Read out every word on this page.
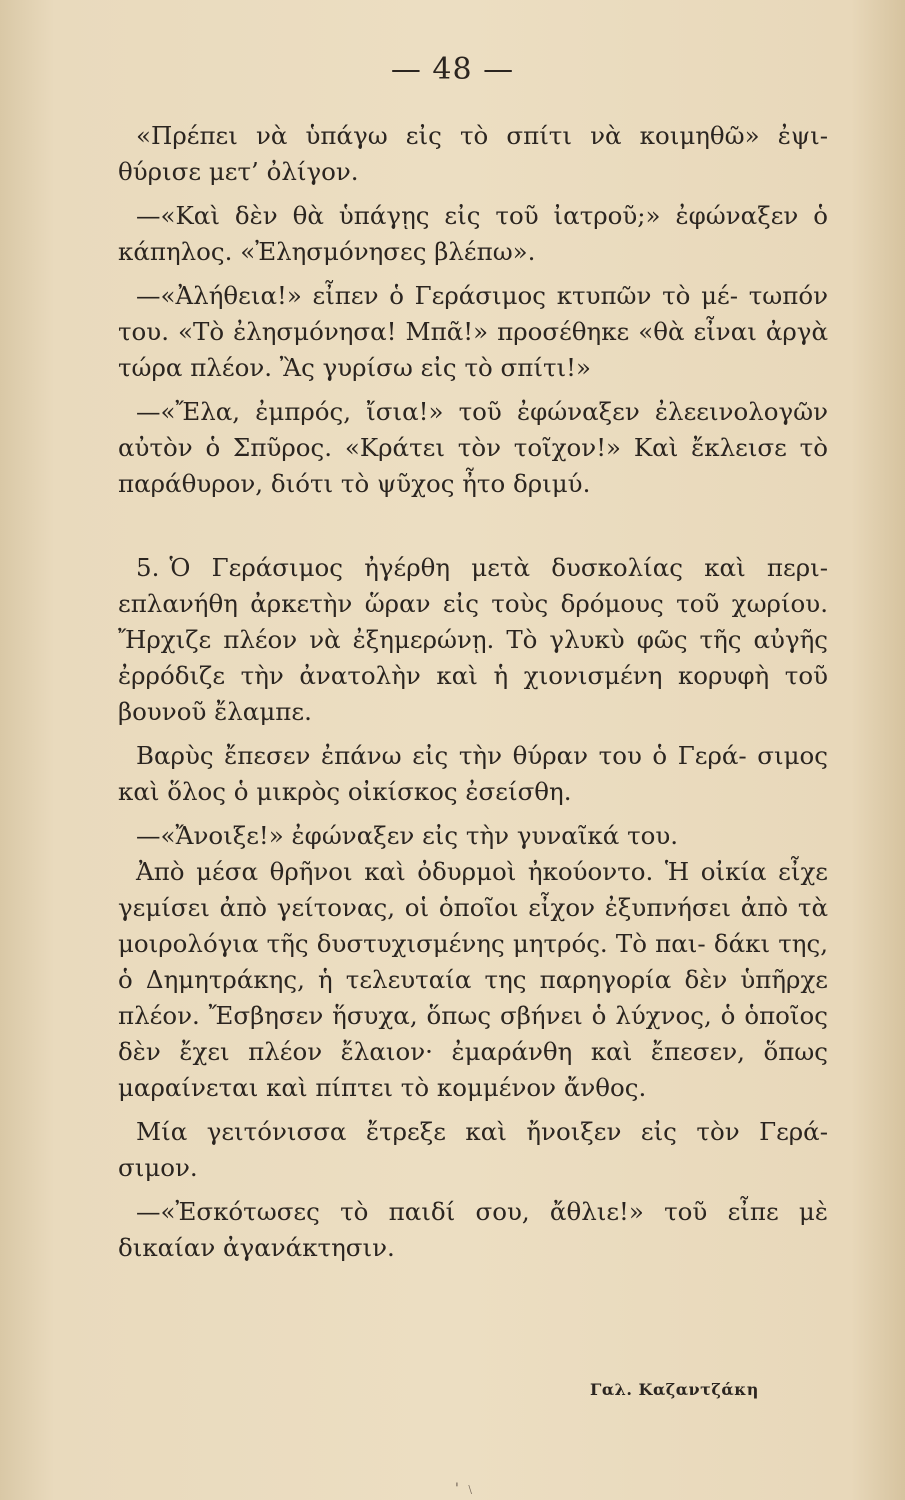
— 48 —

«Πρέπει νὰ ὑπάγω εἰς τὸ σπίτι νὰ κοιμηθῶ» ἐψι- θύρισε μετ’ ὀλίγον.

—«Καὶ δὲν θὰ ὑπάγῃς εἰς τοῦ ἰατροῦ;» ἐφώναξεν ὁ κάπηλος. «Ἐλησμόνησες βλέπω».

—«Ἀλήθεια!» εἶπεν ὁ Γεράσιμος κτυπῶν τὸ μέ- τωπόν του. «Τὸ ἐλησμόνησα! Μπᾶ!» προσέθηκε «θὰ εἶναι ἀργὰ τώρα πλέον. Ἂς γυρίσω εἰς τὸ σπίτι!»

—«Ἔλα, ἐμπρός, ἴσια!» τοῦ ἐφώναξεν ἐλεεινολογῶν αὐτὸν ὁ Σπῦρος. «Κράτει τὸν τοῖχον!» Καὶ ἔκλεισε τὸ παράθυρον, διότι τὸ ψῦχος ἦτο δριμύ.

5. Ὁ Γεράσιμος ἠγέρθη μετὰ δυσκολίας καὶ περι- επλανήθη ἀρκετὴν ὥραν εἰς τοὺς δρόμους τοῦ χωρίου. Ἤρχιζε πλέον νὰ ἐξημερώνῃ. Τὸ γλυκὺ φῶς τῆς αὐγῆς ἐρρόδιζε τὴν ἀνατολὴν καὶ ἡ χιονισμένη κορυφὴ τοῦ βουνοῦ ἔλαμπε.

Βαρὺς ἔπεσεν ἐπάνω εἰς τὴν θύραν του ὁ Γερά- σιμος καὶ ὅλος ὁ μικρὸς οἰκίσκος ἐσείσθη.

—«Ἄνοιξε!» ἐφώναξεν εἰς τὴν γυναῖκά του.

Ἀπὸ μέσα θρῆνοι καὶ ὀδυρμοὶ ἠκούοντο. Ἡ οἰκία εἶχε γεμίσει ἀπὸ γείτονας, οἱ ὁποῖοι εἶχον ἐξυπνήσει ἀπὸ τὰ μοιρολόγια τῆς δυστυχισμένης μητρός. Τὸ παι- δάκι της, ὁ Δημητράκης, ἡ τελευταία της παρηγορία δὲν ὑπῆρχε πλέον. Ἔσβησεν ἥσυχα, ὅπως σβήνει ὁ λύχνος, ὁ ὁποῖος δὲν ἔχει πλέον ἔλαιον· ἐμαράνθη καὶ ἔπεσεν, ὅπως μαραίνεται καὶ πίπτει τὸ κομμένον ἄνθος.

Μία γειτόνισσα ἔτρεξε καὶ ἤνοιξεν εἰς τὸν Γερά- σιμον.

—«Ἐσκότωσες τὸ παιδί σου, ἄθλιε!» τοῦ εἶπε μὲ δικαίαν ἀγανάκτησιν.

Γαλ. Καζαντζάκη
' ﹨
